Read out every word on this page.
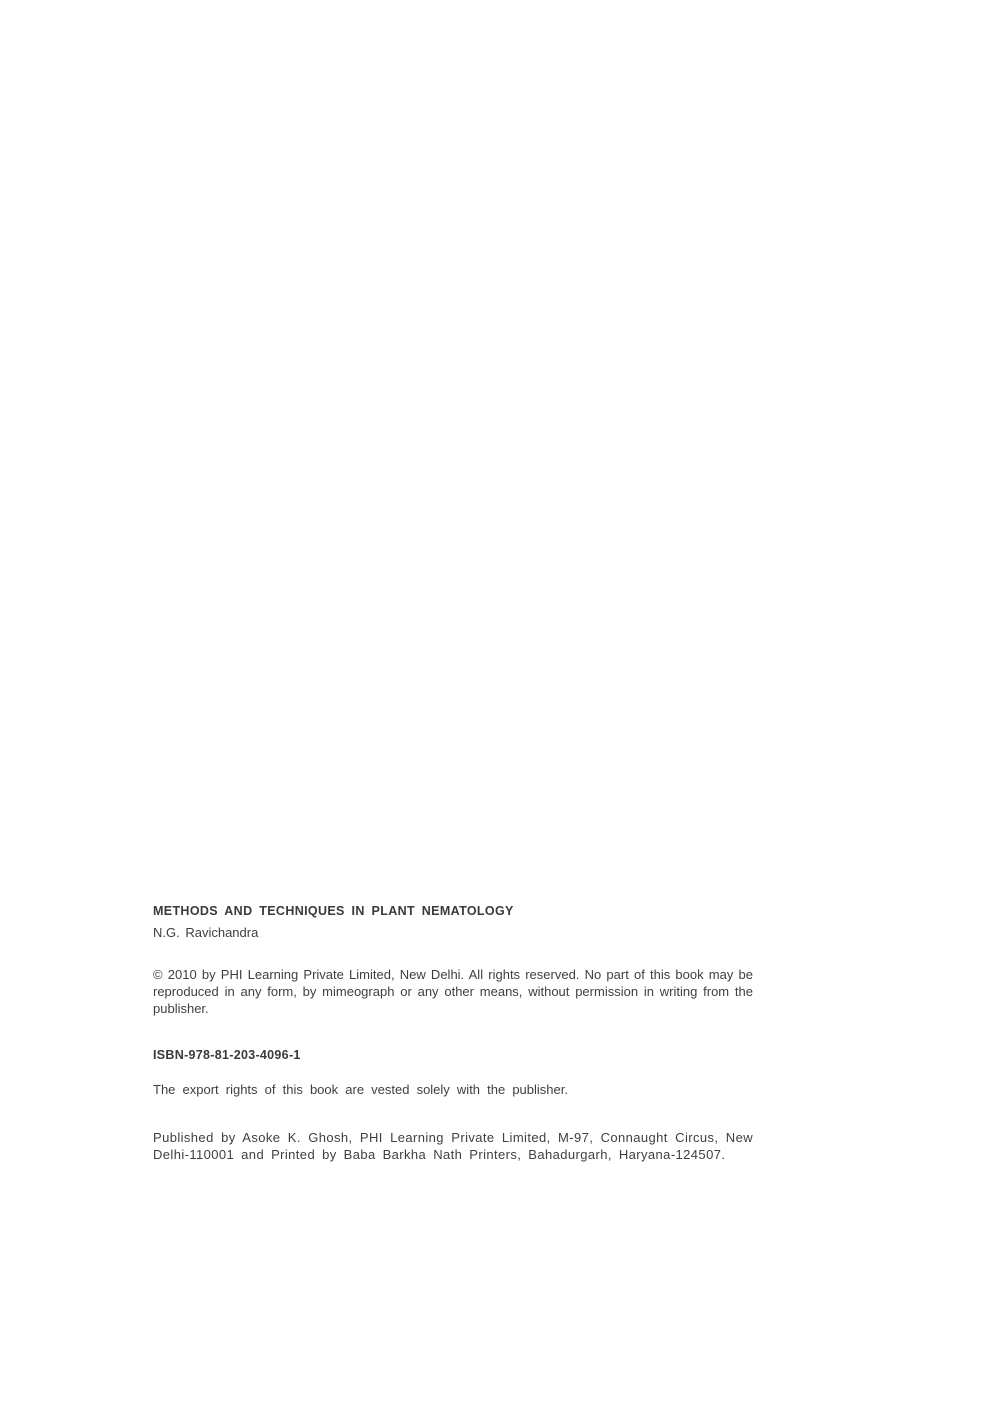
METHODS AND TECHNIQUES IN PLANT NEMATOLOGY
N.G. Ravichandra

© 2010 by PHI Learning Private Limited, New Delhi. All rights reserved. No part of this book may be reproduced in any form, by mimeograph or any other means, without permission in writing from the publisher.

ISBN-978-81-203-4096-1

The export rights of this book are vested solely with the publisher.

Published by Asoke K. Ghosh, PHI Learning Private Limited, M-97, Connaught Circus, New Delhi-110001 and Printed by Baba Barkha Nath Printers, Bahadurgarh, Haryana-124507.
